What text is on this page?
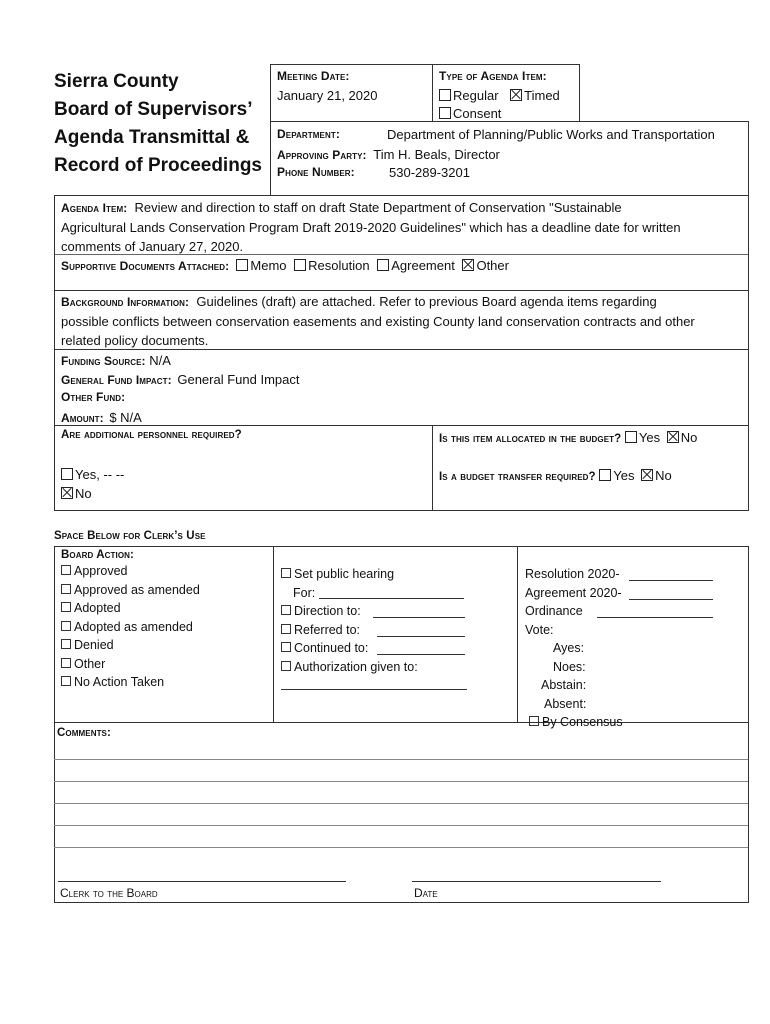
Sierra County
Board of Supervisors’
Agenda Transmittal &
Record of Proceedings
Meeting Date:
January 21, 2020
Type of Agenda Item:
Regular Timed
Consent
Department:	Department of Planning/Public Works and Transportation
Approving Party: Tim H. Beals, Director
Phone Number:	530-289-3201
Agenda Item: Review and direction to staff on draft State Department of Conservation "Sustainable
Agricultural Lands Conservation Program Draft 2019-2020 Guidelines" which has a deadline date for written
comments of January 27, 2020.
Supportive Documents Attached: Memo Resolution Agreement Other
Background Information: Guidelines (draft) are attached. Refer to previous Board agenda items regarding
possible conflicts between conservation easements and existing County land conservation contracts and other
related policy documents.
Funding Source: N/A
General Fund Impact: General Fund Impact
Other Fund:
Amount: $ N/A
Are additional personnel required?
Yes, -- --
No
Is this item allocated in the budget? Yes No
Is a budget transfer required? Yes No
Space Below for Clerk’s Use
Board Action:
Approved
Approved as amended
Adopted
Adopted as amended
Denied
Other
No Action Taken
Set public hearing
For:
Direction to:
Referred to:
Continued to:
Authorization given to:
Resolution 2020-
Agreement 2020-
Ordinance
Vote:
Ayes:
Noes:
Abstain:
Absent:
By Consensus
Comments:
Clerk to the Board	Date
